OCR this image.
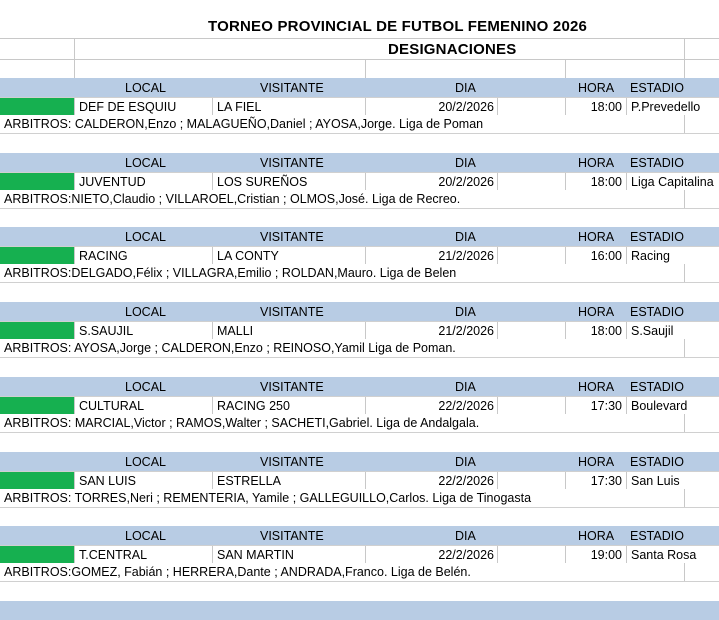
TORNEO PROVINCIAL DE FUTBOL FEMENINO 2026
DESIGNACIONES
LOCAL	VISITANTE	DIA	HORA ESTADIO
DEF DE ESQUIU	LA FIEL	20/2/2026	18:00 P.Prevedello
ARBITROS: CALDERON,Enzo ; MALAGUEÑO,Daniel ; AYOSA,Jorge. Liga de Poman
LOCAL	VISITANTE	DIA	HORA ESTADIO
JUVENTUD	LOS SUREÑOS	20/2/2026	18:00 Liga Capitalina
ARBITROS:NIETO,Claudio ; VILLAROEL,Cristian ; OLMOS,José. Liga de Recreo.
LOCAL	VISITANTE	DIA	HORA ESTADIO
RACING	LA CONTY	21/2/2026	16:00 Racing
ARBITROS:DELGADO,Félix ; VILLAGRA,Emilio ; ROLDAN,Mauro. Liga de Belen
LOCAL	VISITANTE	DIA	HORA ESTADIO
S.SAUJIL	MALLI	21/2/2026	18:00 S.Saujil
ARBITROS: AYOSA,Jorge ; CALDERON,Enzo ; REINOSO,Yamil Liga de Poman.
LOCAL	VISITANTE	DIA	HORA ESTADIO
CULTURAL	RACING 250	22/2/2026	17:30 Boulevard
ARBITROS: MARCIAL,Victor ; RAMOS,Walter ; SACHETI,Gabriel. Liga de Andalgala.
LOCAL	VISITANTE	DIA	HORA ESTADIO
SAN LUIS	ESTRELLA	22/2/2026	17:30 San Luis
ARBITROS: TORRES,Neri ; REMENTERIA, Yamile ; GALLEGUILLO,Carlos. Liga de Tinogasta
LOCAL	VISITANTE	DIA	HORA ESTADIO
T.CENTRAL	SAN MARTIN	22/2/2026	19:00 Santa Rosa
ARBITROS:GOMEZ, Fabián ; HERRERA,Dante ; ANDRADA,Franco. Liga de Belén.
